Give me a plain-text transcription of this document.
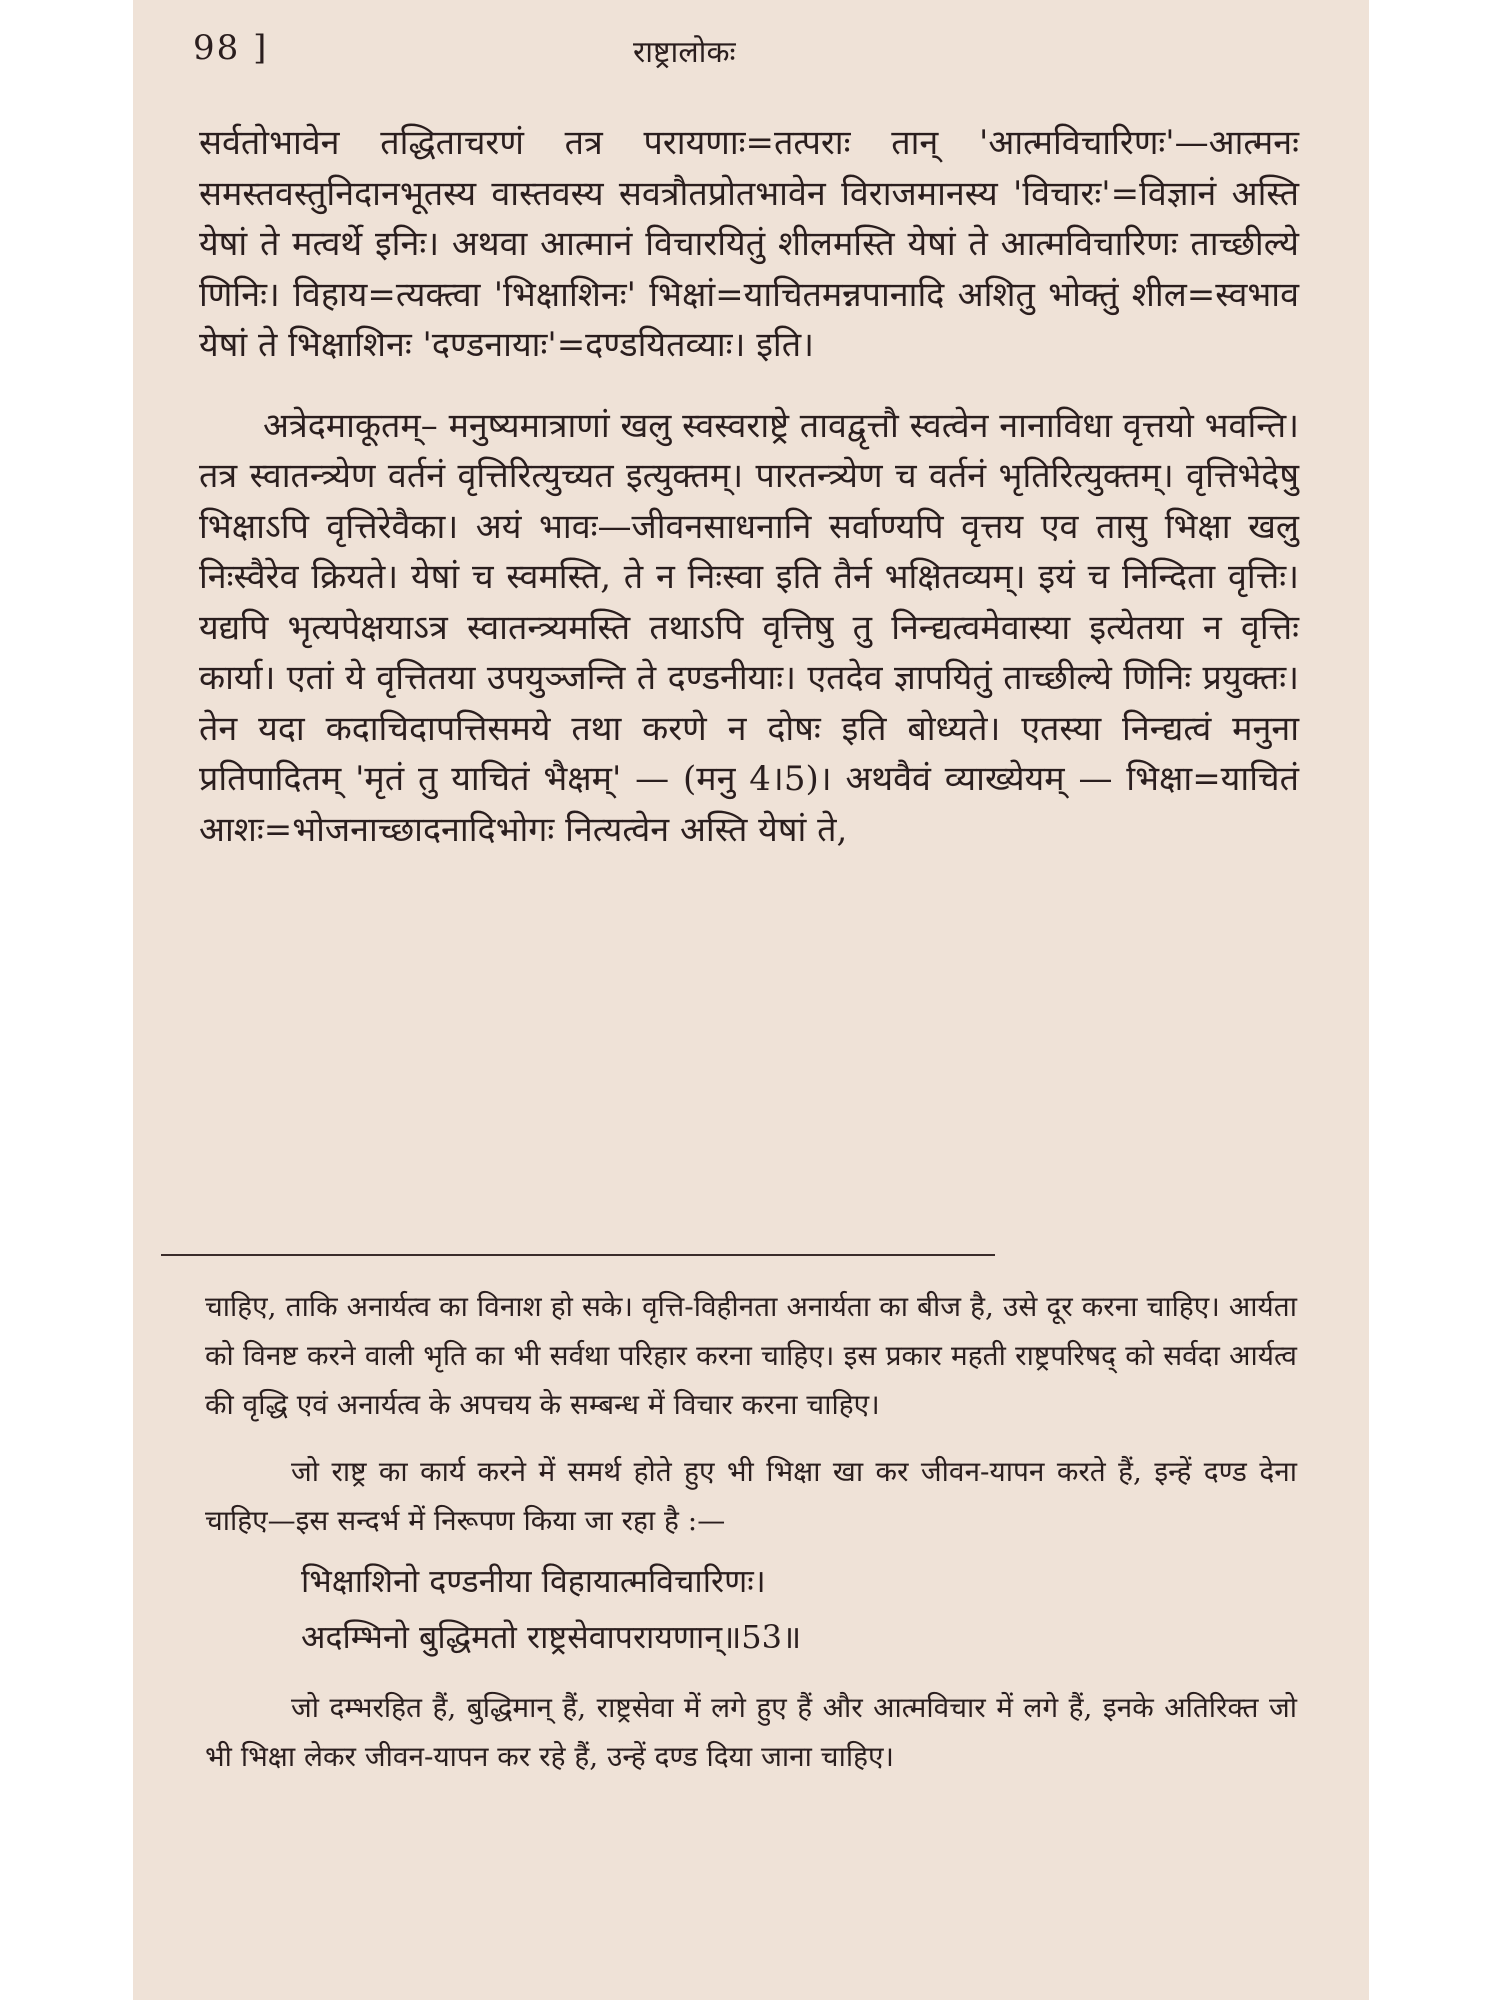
98 ]	राष्ट्रालोकः

सर्वतोभावेन तद्धिताचरणं तत्र परायणाः=तत्पराः तान् 'आत्मविचारिणः'—आत्मनः समस्तवस्तुनिदानभूतस्य वास्तवस्य सवत्रौतप्रोतभावेन विराजमानस्य 'विचारः'=विज्ञानं अस्ति येषां ते मत्वर्थे इनिः। अथवा आत्मानं विचारयितुं शीलमस्ति येषां ते आत्मविचारिणः ताच्छील्ये णिनिः। विहाय=त्यक्त्वा 'भिक्षाशिनः' भिक्षां=याचितमन्नपानादि अशितु भोक्तुं शील=स्वभाव येषां ते भिक्षाशिनः 'दण्डनायाः'=दण्डयितव्याः। इति।

अत्रेदमाकूतम्– मनुष्यमात्राणां खलु स्वस्वराष्ट्रे तावद्वृत्तौ स्वत्वेन नानाविधा वृत्तयो भवन्ति। तत्र स्वातन्त्र्येण वर्तनं वृत्तिरित्युच्यत इत्युक्तम्। पारतन्त्र्येण च वर्तनं भृतिरित्युक्तम्। वृत्तिभेदेषु भिक्षाऽपि वृत्तिरेवैका। अयं भावः—जीवनसाधनानि सर्वाण्यपि वृत्तय एव तासु भिक्षा खलु निःस्वैरेव क्रियते। येषां च स्वमस्ति, ते न निःस्वा इति तैर्न भक्षितव्यम्। इयं च निन्दिता वृत्तिः। यद्यपि भृत्यपेक्षयाऽत्र स्वातन्त्र्यमस्ति तथाऽपि वृत्तिषु तु निन्द्यत्वमेवास्या इत्येतया न वृत्तिः कार्या। एतां ये वृत्तितया उपयुञ्जन्ति ते दण्डनीयाः। एतदेव ज्ञापयितुं ताच्छील्ये णिनिः प्रयुक्तः। तेन यदा कदाचिदापत्तिसमये तथा करणे न दोषः इति बोध्यते। एतस्या निन्द्यत्वं मनुना प्रतिपादितम् 'मृतं तु याचितं भैक्षम्' — (मनु 4।5)। अथवैवं व्याख्येयम् — भिक्षा=याचितं आशः=भोजनाच्छादनादिभोगः नित्यत्वेन अस्ति येषां ते,

चाहिए, ताकि अनार्यत्व का विनाश हो सके। वृत्ति-विहीनता अनार्यता का बीज है, उसे दूर करना चाहिए। आर्यता को विनष्ट करने वाली भृति का भी सर्वथा परिहार करना चाहिए। इस प्रकार महती राष्ट्रपरिषद् को सर्वदा आर्यत्व की वृद्धि एवं अनार्यत्व के अपचय के सम्बन्ध में विचार करना चाहिए।

जो राष्ट्र का कार्य करने में समर्थ होते हुए भी भिक्षा खा कर जीवन-यापन करते हैं, इन्हें दण्ड देना चाहिए—इस सन्दर्भ में निरूपण किया जा रहा है :—

भिक्षाशिनो दण्डनीया विहायात्मविचारिणः।
अदम्भिनो बुद्धिमतो राष्ट्रसेवापरायणान्॥53॥

जो दम्भरहित हैं, बुद्धिमान् हैं, राष्ट्रसेवा में लगे हुए हैं और आत्मविचार में लगे हैं, इनके अतिरिक्त जो भी भिक्षा लेकर जीवन-यापन कर रहे हैं, उन्हें दण्ड दिया जाना चाहिए।
